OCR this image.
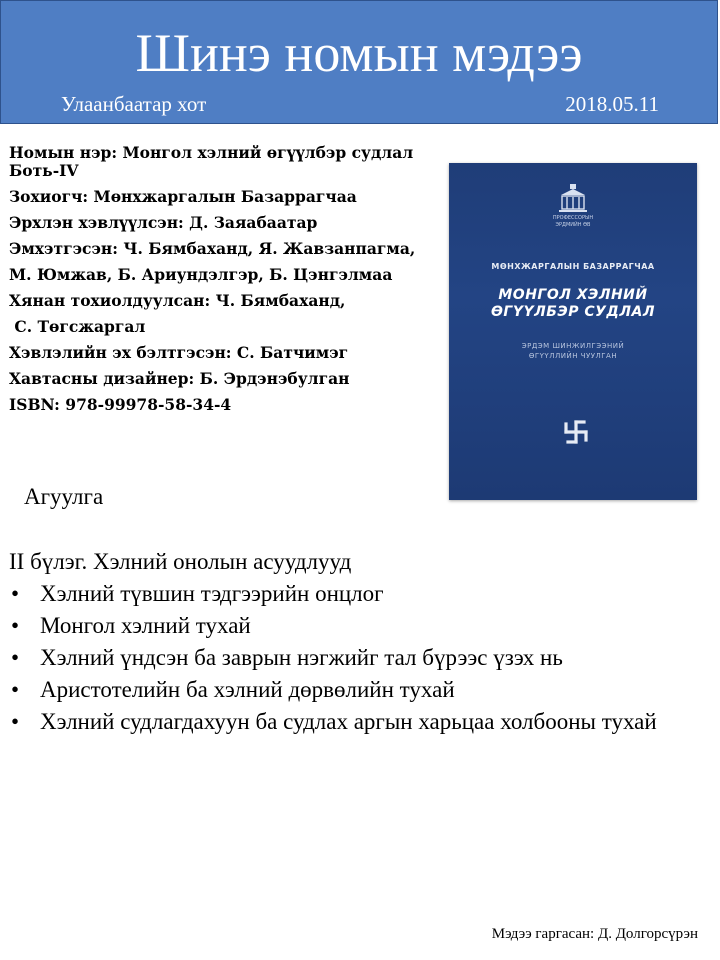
Шинэ номын мэдээ
Улаанбаатар хот	2018.05.11
Номын нэр: Монгол хэлний өгүүлбэр судлал
Боть-IV
Зохиогч: Мөнхжаргалын Базаррагчаа
Эрхлэн хэвлүүлсэн: Д. Заяабаатар
Эмхэтгэсэн: Ч. Бямбаханд, Я. Жавзанпагма,
М. Юмжав, Б. Ариундэлгэр, Б. Цэнгэлмаа
Хянан тохиолдуулсан: Ч. Бямбаханд,
С. Төгсжаргал
Хэвлэлийн эх бэлтгэсэн: С. Батчимэг
Хавтасны дизайнер: Б. Эрдэнэбулган
ISBN: 978-99978-58-34-4
ПРОФЕССОРЫН
ЭРДМИЙН ӨВ
МӨНХЖАРГАЛЫН БАЗАРРАГЧАА
МОНГОЛ ХЭЛНИЙ
ӨГҮҮЛБЭР СУДЛАЛ
ЭРДЭМ ШИНЖИЛГЭЭНИЙ
ӨГҮҮЛЛИЙН ЧУУЛГАН
Агуулга
II бүлэг. Хэлний онолын асуудлууд
• Хэлний түвшин тэдгээрийн онцлог
• Монгол хэлний тухай
• Хэлний үндсэн ба заврын нэгжийг тал бүрээс үзэх нь
• Аристотелийн ба хэлний дөрвөлийн тухай
• Хэлний судлагдахуун ба судлах аргын харьцаа холбооны тухай
Мэдээ гаргасан: Д. Долгорсүрэн
